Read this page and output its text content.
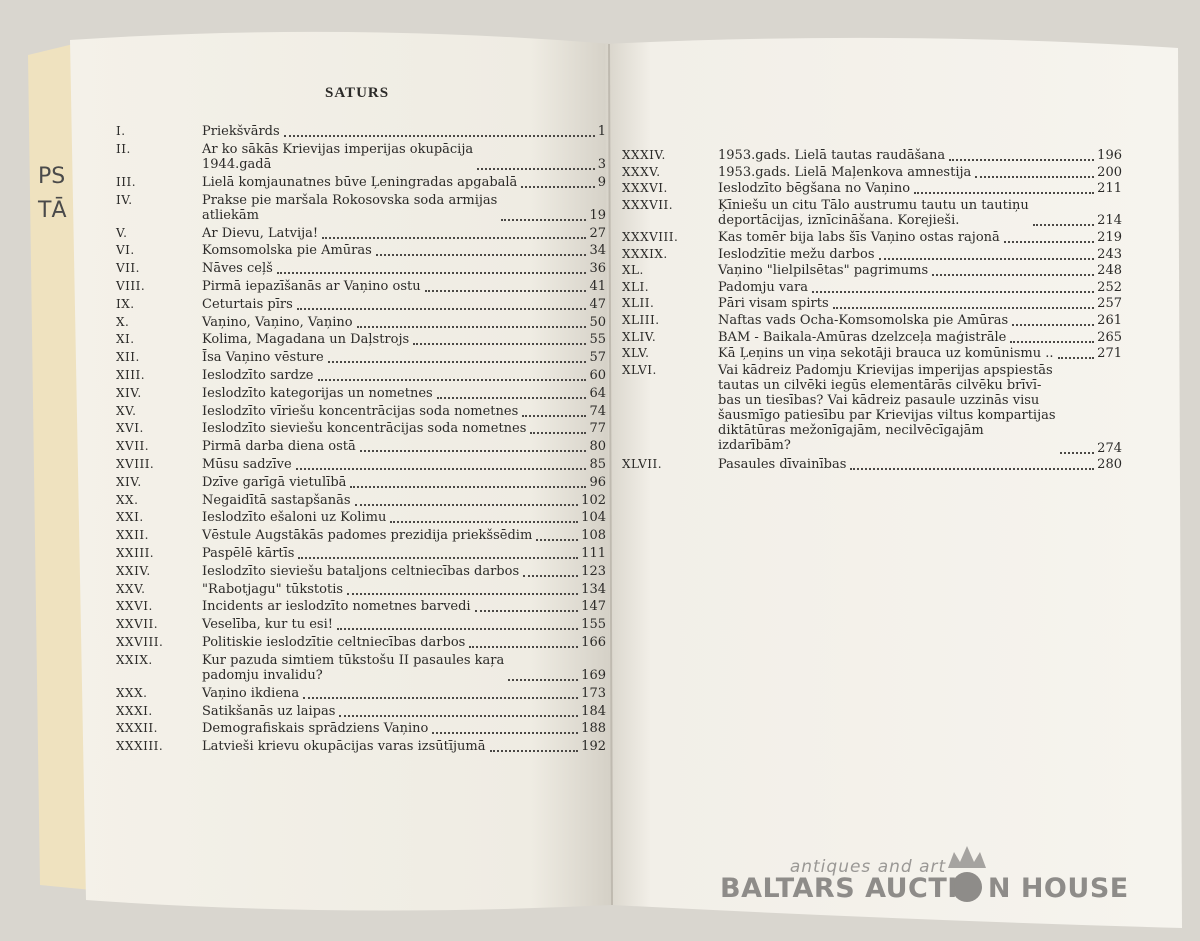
PS
TĀ
SATURS
I.	Priekšvārds	1
II.	Ar ko sākās Krievijas imperijas okupācija
1944.gadā	3
III.	Lielā komjaunatnes būve Ļeningradas apgabalā	9
IV.	Prakse pie maršala Rokosovska soda armijas
atliekām	19
V.	Ar Dievu, Latvija!	27
VI.	Komsomolska pie Amūras	34
VII.	Nāves ceļš	36
VIII.	Pirmā iepazīšanās ar Vaņino ostu	41
IX.	Ceturtais pīrs	47
X.	Vaņino, Vaņino, Vaņino	50
XI.	Kolima, Magadana un Daļstrojs	55
XII.	Īsa Vaņino vēsture	57
XIII.	Ieslodzīto sardze	60
XIV.	Ieslodzīto kategorijas un nometnes	64
XV.	Ieslodzīto vīriešu koncentrācijas soda nometnes	74
XVI.	Ieslodzīto sieviešu koncentrācijas soda nometnes	77
XVII.	Pirmā darba diena ostā	80
XVIII.	Mūsu sadzīve	85
XIV.	Dzīve garīgā vietulībā	96
XX.	Negaidītā sastapšanās	102
XXI.	Ieslodzīto ešaloni uz Kolimu	104
XXII.	Vēstule Augstākās padomes prezidija priekšsēdim	108
XXIII.	Paspēlē kārtīs	111
XXIV.	Ieslodzīto sieviešu bataljons celtniecības darbos	123
XXV.	"Rabotjagu" tūkstotis	134
XXVI.	Incidents ar ieslodzīto nometnes barvedi	147
XXVII.	Veselība, kur tu esi!	155
XXVIII.	Politiskie ieslodzītie celtniecības darbos	166
XXIX.	Kur pazuda simtiem tūkstošu II pasaules kaŗa
padomju invalidu?	169
XXX.	Vaņino ikdiena	173
XXXI.	Satikšanās uz laipas	184
XXXII.	Demografiskais sprādziens Vaņino	188
XXXIII.	Latvieši krievu okupācijas varas izsūtījumā	192
XXXIV.	1953.gads. Lielā tautas raudāšana	196
XXXV.	1953.gads. Lielā Maļenkova amnestija	200
XXXVI.	Ieslodzīto bēgšana no Vaņino	211
XXXVII.	Ķīniešu un citu Tālo austrumu tautu un tautiņu
deportācijas, iznīcināšana. Korejieši.	214
XXXVIII.	Kas tomēr bija labs šīs Vaņino ostas rajonā	219
XXXIX.	Ieslodzītie mežu darbos	243
XL.	Vaņino "lielpilsētas" pagrimums	248
XLI.	Padomju vara	252
XLII.	Pāri visam spirts	257
XLIII.	Naftas vads Ocha-Komsomolska pie Amūras	261
XLIV.	BAM - Baikala-Amūras dzelzceļa maģistrāle	265
XLV.	Kā Ļeņins un viņa sekotāji brauca uz komūnismu ..	271
XLVI.	Vai kādreiz Padomju Krievijas imperijas apspiestās
tautas un cilvēki iegūs elementārās cilvēku brīvī-
bas un tiesības? Vai kādreiz pasaule uzzinās visu
šausmīgo patiesību par Krievijas viltus kompartijas
diktātūras mežonīgajām, necilvēcīgajām
izdarībām?	274
XLVII.	Pasaules dīvainības	280
antiques and art
BALTARS AUCTI N HOUSE
